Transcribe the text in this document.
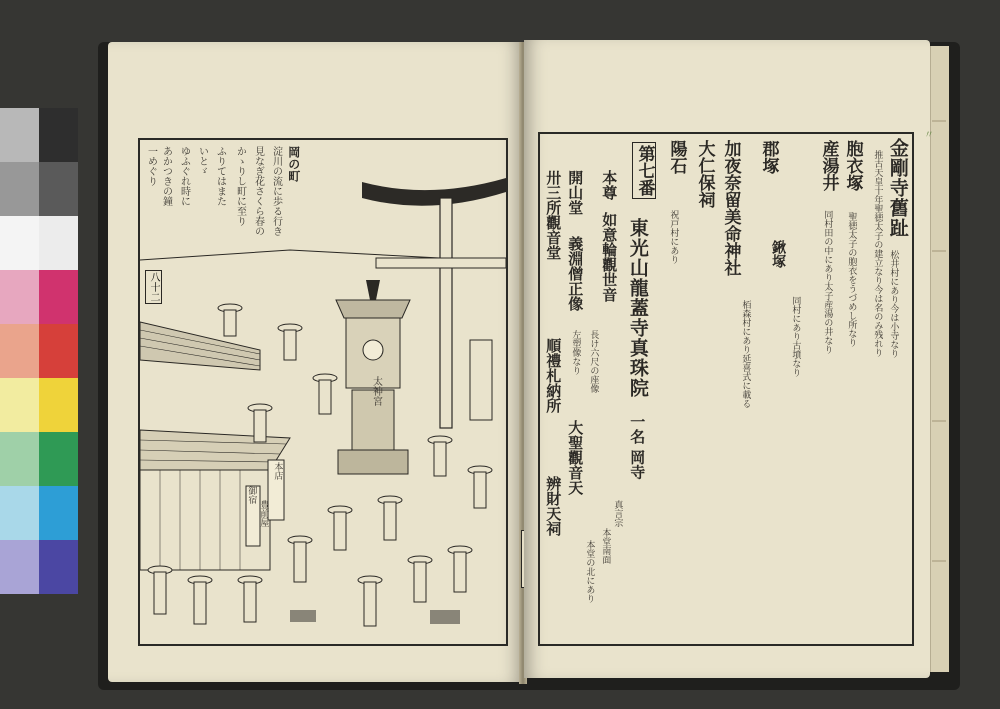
一めぐり あかつきの鐘 ゆふぐれ時に いとゞ ふりてはまた かゝりし町に至り 見なぎ花さくら春の 淀川の流に歩る行き 岡の町
八十二
太神宮
本店
御宿
豊前屋
金剛寺舊趾
松井村にあり今は小寺なり
推古天皇十年聖徳太子の建立なり今は名のみ残れり
胞衣塚
聖徳太子の胞衣をうづめし所なり
産湯井
同村田の中にあり太子産湯の井なり
鍬塚
郡塚
同村にあり古墳なり
加夜奈留美命神社
栢森村にあり延喜式に載る
大仁保祠
陽石
祝戸村にあり
第七番
東光山龍蓋寺真珠院
一名 岡寺
真言宗
本堂南面
本尊
如意輪觀世音
長け六尺の座像
開山堂
義淵僧正像
左塑像なり
大聖觀音天
本堂の北にあり
卅三所觀音堂
順禮札納所
辨財天祠
〃
